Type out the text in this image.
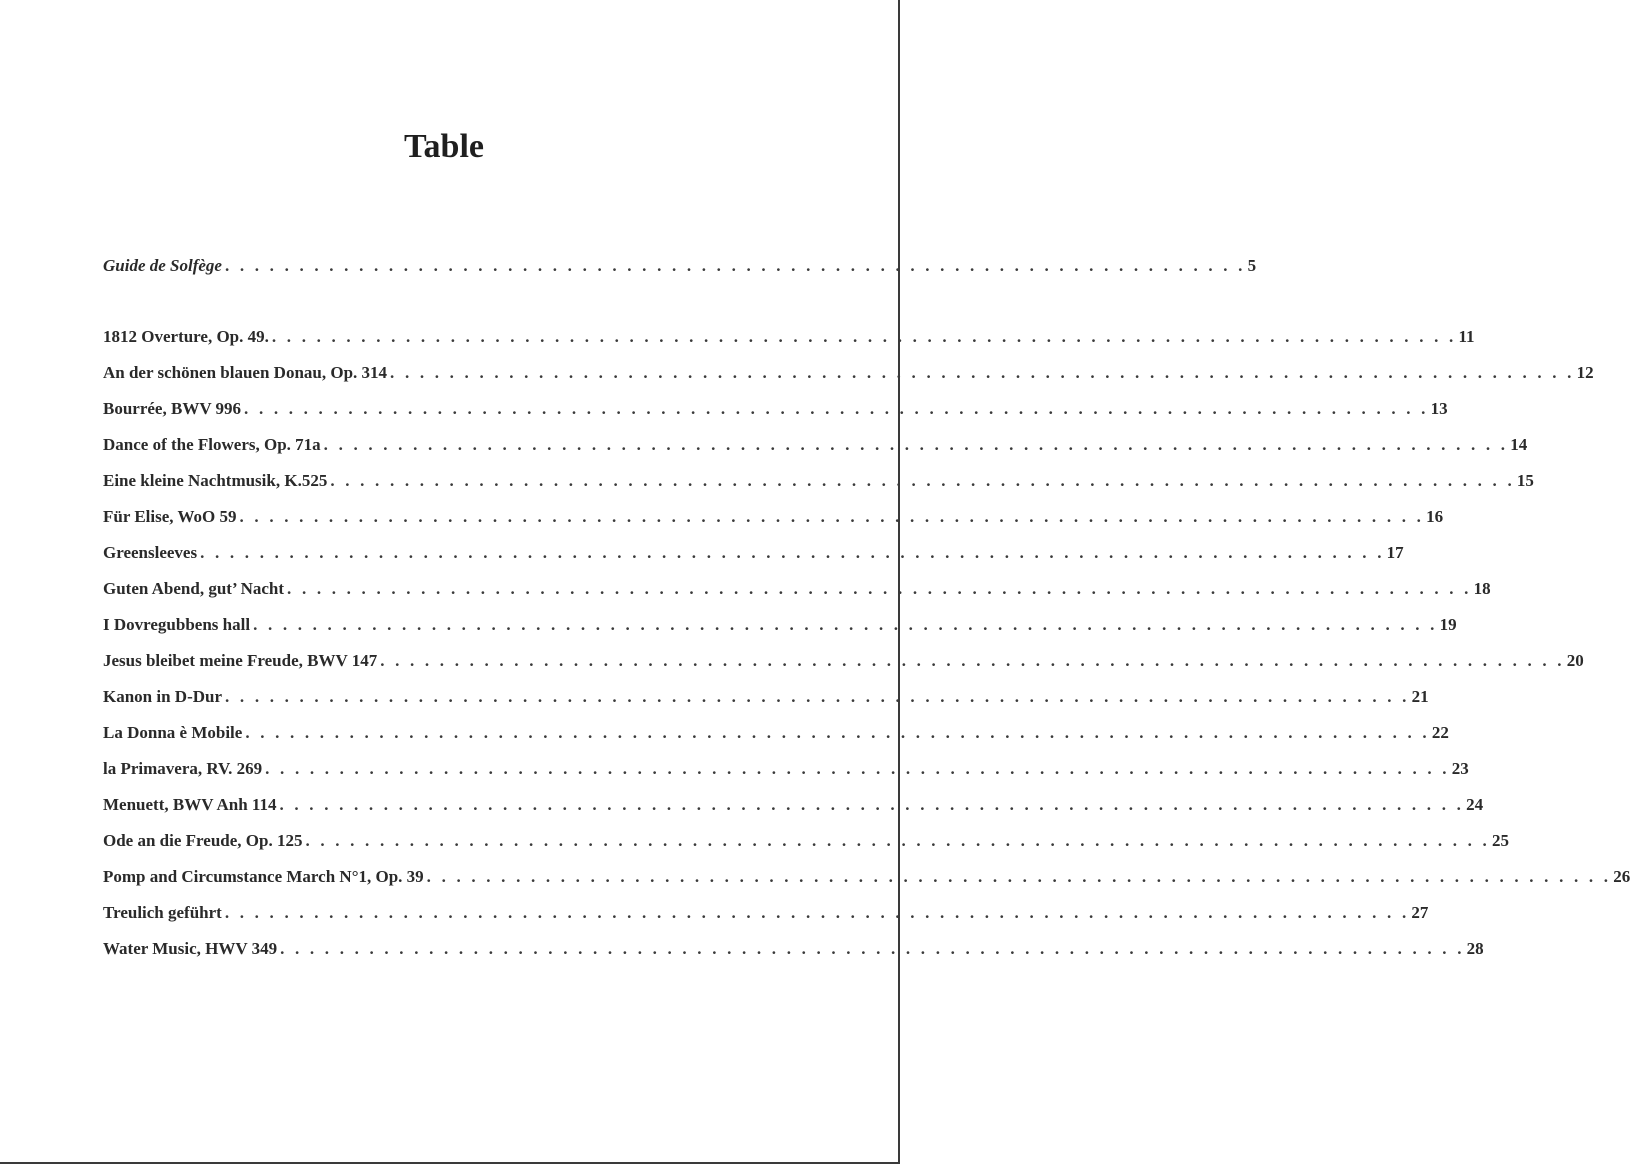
Table
Guide de Solfège . . . . . . . . . . . . . . . . . . . . . . . . . . . . . . . . . . . . . . . . . . . . . . . . . . . . . . . . . . . . . . . . . . . . . 5
1812 Overture, Op. 49. . . . . . . . . . . . . . . . . . . . . . . . . . . . . . . . . . . . . . . . . . . . . . . . . . . . . . . . . . . . . . . . . . . . . . . . . . . . . . . . . 11
An der schönen blauen Donau, Op. 314 . . . . . . . . . . . . . . . . . . . . . . . . . . . . . . . . . . . . . . . . . . . . . . . . . . . . . . . . . . . . . . . . . . . . . . . . . . . . . . . . 12
Bourrée, BWV 996 . . . . . . . . . . . . . . . . . . . . . . . . . . . . . . . . . . . . . . . . . . . . . . . . . . . . . . . . . . . . . . . . . . . . . . . . . . . . . . . . 13
Dance of the Flowers, Op. 71a . . . . . . . . . . . . . . . . . . . . . . . . . . . . . . . . . . . . . . . . . . . . . . . . . . . . . . . . . . . . . . . . . . . . . . . . . . . . . . . . 14
Eine kleine Nachtmusik, K.525 . . . . . . . . . . . . . . . . . . . . . . . . . . . . . . . . . . . . . . . . . . . . . . . . . . . . . . . . . . . . . . . . . . . . . . . . . . . . . . . . 15
Für Elise, WoO 59 . . . . . . . . . . . . . . . . . . . . . . . . . . . . . . . . . . . . . . . . . . . . . . . . . . . . . . . . . . . . . . . . . . . . . . . . . . . . . . . . 16
Greensleeves . . . . . . . . . . . . . . . . . . . . . . . . . . . . . . . . . . . . . . . . . . . . . . . . . . . . . . . . . . . . . . . . . . . . . . . . . . . . . . . . 17
Guten Abend, gut’ Nacht . . . . . . . . . . . . . . . . . . . . . . . . . . . . . . . . . . . . . . . . . . . . . . . . . . . . . . . . . . . . . . . . . . . . . . . . . . . . . . . . 18
I Dovregubbens hall . . . . . . . . . . . . . . . . . . . . . . . . . . . . . . . . . . . . . . . . . . . . . . . . . . . . . . . . . . . . . . . . . . . . . . . . . . . . . . . . 19
Jesus bleibet meine Freude, BWV 147 . . . . . . . . . . . . . . . . . . . . . . . . . . . . . . . . . . . . . . . . . . . . . . . . . . . . . . . . . . . . . . . . . . . . . . . . . . . . . . . . 20
Kanon in D-Dur . . . . . . . . . . . . . . . . . . . . . . . . . . . . . . . . . . . . . . . . . . . . . . . . . . . . . . . . . . . . . . . . . . . . . . . . . . . . . . . . 21
La Donna è Mobile . . . . . . . . . . . . . . . . . . . . . . . . . . . . . . . . . . . . . . . . . . . . . . . . . . . . . . . . . . . . . . . . . . . . . . . . . . . . . . . . 22
la Primavera, RV. 269 . . . . . . . . . . . . . . . . . . . . . . . . . . . . . . . . . . . . . . . . . . . . . . . . . . . . . . . . . . . . . . . . . . . . . . . . . . . . . . . . 23
Menuett, BWV Anh 114 . . . . . . . . . . . . . . . . . . . . . . . . . . . . . . . . . . . . . . . . . . . . . . . . . . . . . . . . . . . . . . . . . . . . . . . . . . . . . . . . 24
Ode an die Freude, Op. 125 . . . . . . . . . . . . . . . . . . . . . . . . . . . . . . . . . . . . . . . . . . . . . . . . . . . . . . . . . . . . . . . . . . . . . . . . . . . . . . . . 25
Pomp and Circumstance March N°1, Op. 39 . . . . . . . . . . . . . . . . . . . . . . . . . . . . . . . . . . . . . . . . . . . . . . . . . . . . . . . . . . . . . . . . . . . . . . . . . . . . . . . . 26
Treulich geführt . . . . . . . . . . . . . . . . . . . . . . . . . . . . . . . . . . . . . . . . . . . . . . . . . . . . . . . . . . . . . . . . . . . . . . . . . . . . . . . . 27
Water Music, HWV 349 . . . . . . . . . . . . . . . . . . . . . . . . . . . . . . . . . . . . . . . . . . . . . . . . . . . . . . . . . . . . . . . . . . . . . . . . . . . . . . . . 28
